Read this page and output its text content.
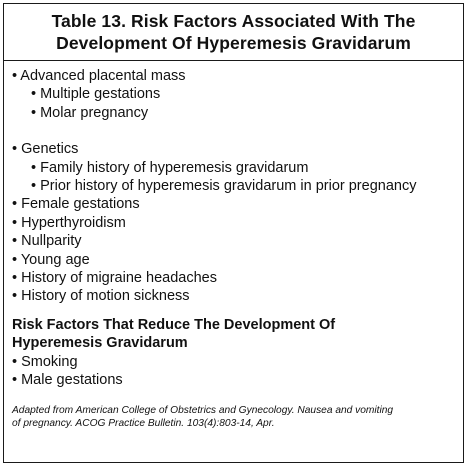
Table 13. Risk Factors Associated With The
Development Of Hyperemesis Gravidarum
• Advanced placental mass
• Multiple gestations
• Molar pregnancy
• Genetics
• Family history of hyperemesis gravidarum
• Prior history of hyperemesis gravidarum in prior pregnancy
• Female gestations
• Hyperthyroidism
• Nullparity
• Young age
• History of migraine headaches
• History of motion sickness
Risk Factors That Reduce The Development Of
Hyperemesis Gravidarum
• Smoking
• Male gestations
Adapted from American College of Obstetrics and Gynecology. Nausea and vomiting
of pregnancy. ACOG Practice Bulletin. 103(4):803-14, Apr.
